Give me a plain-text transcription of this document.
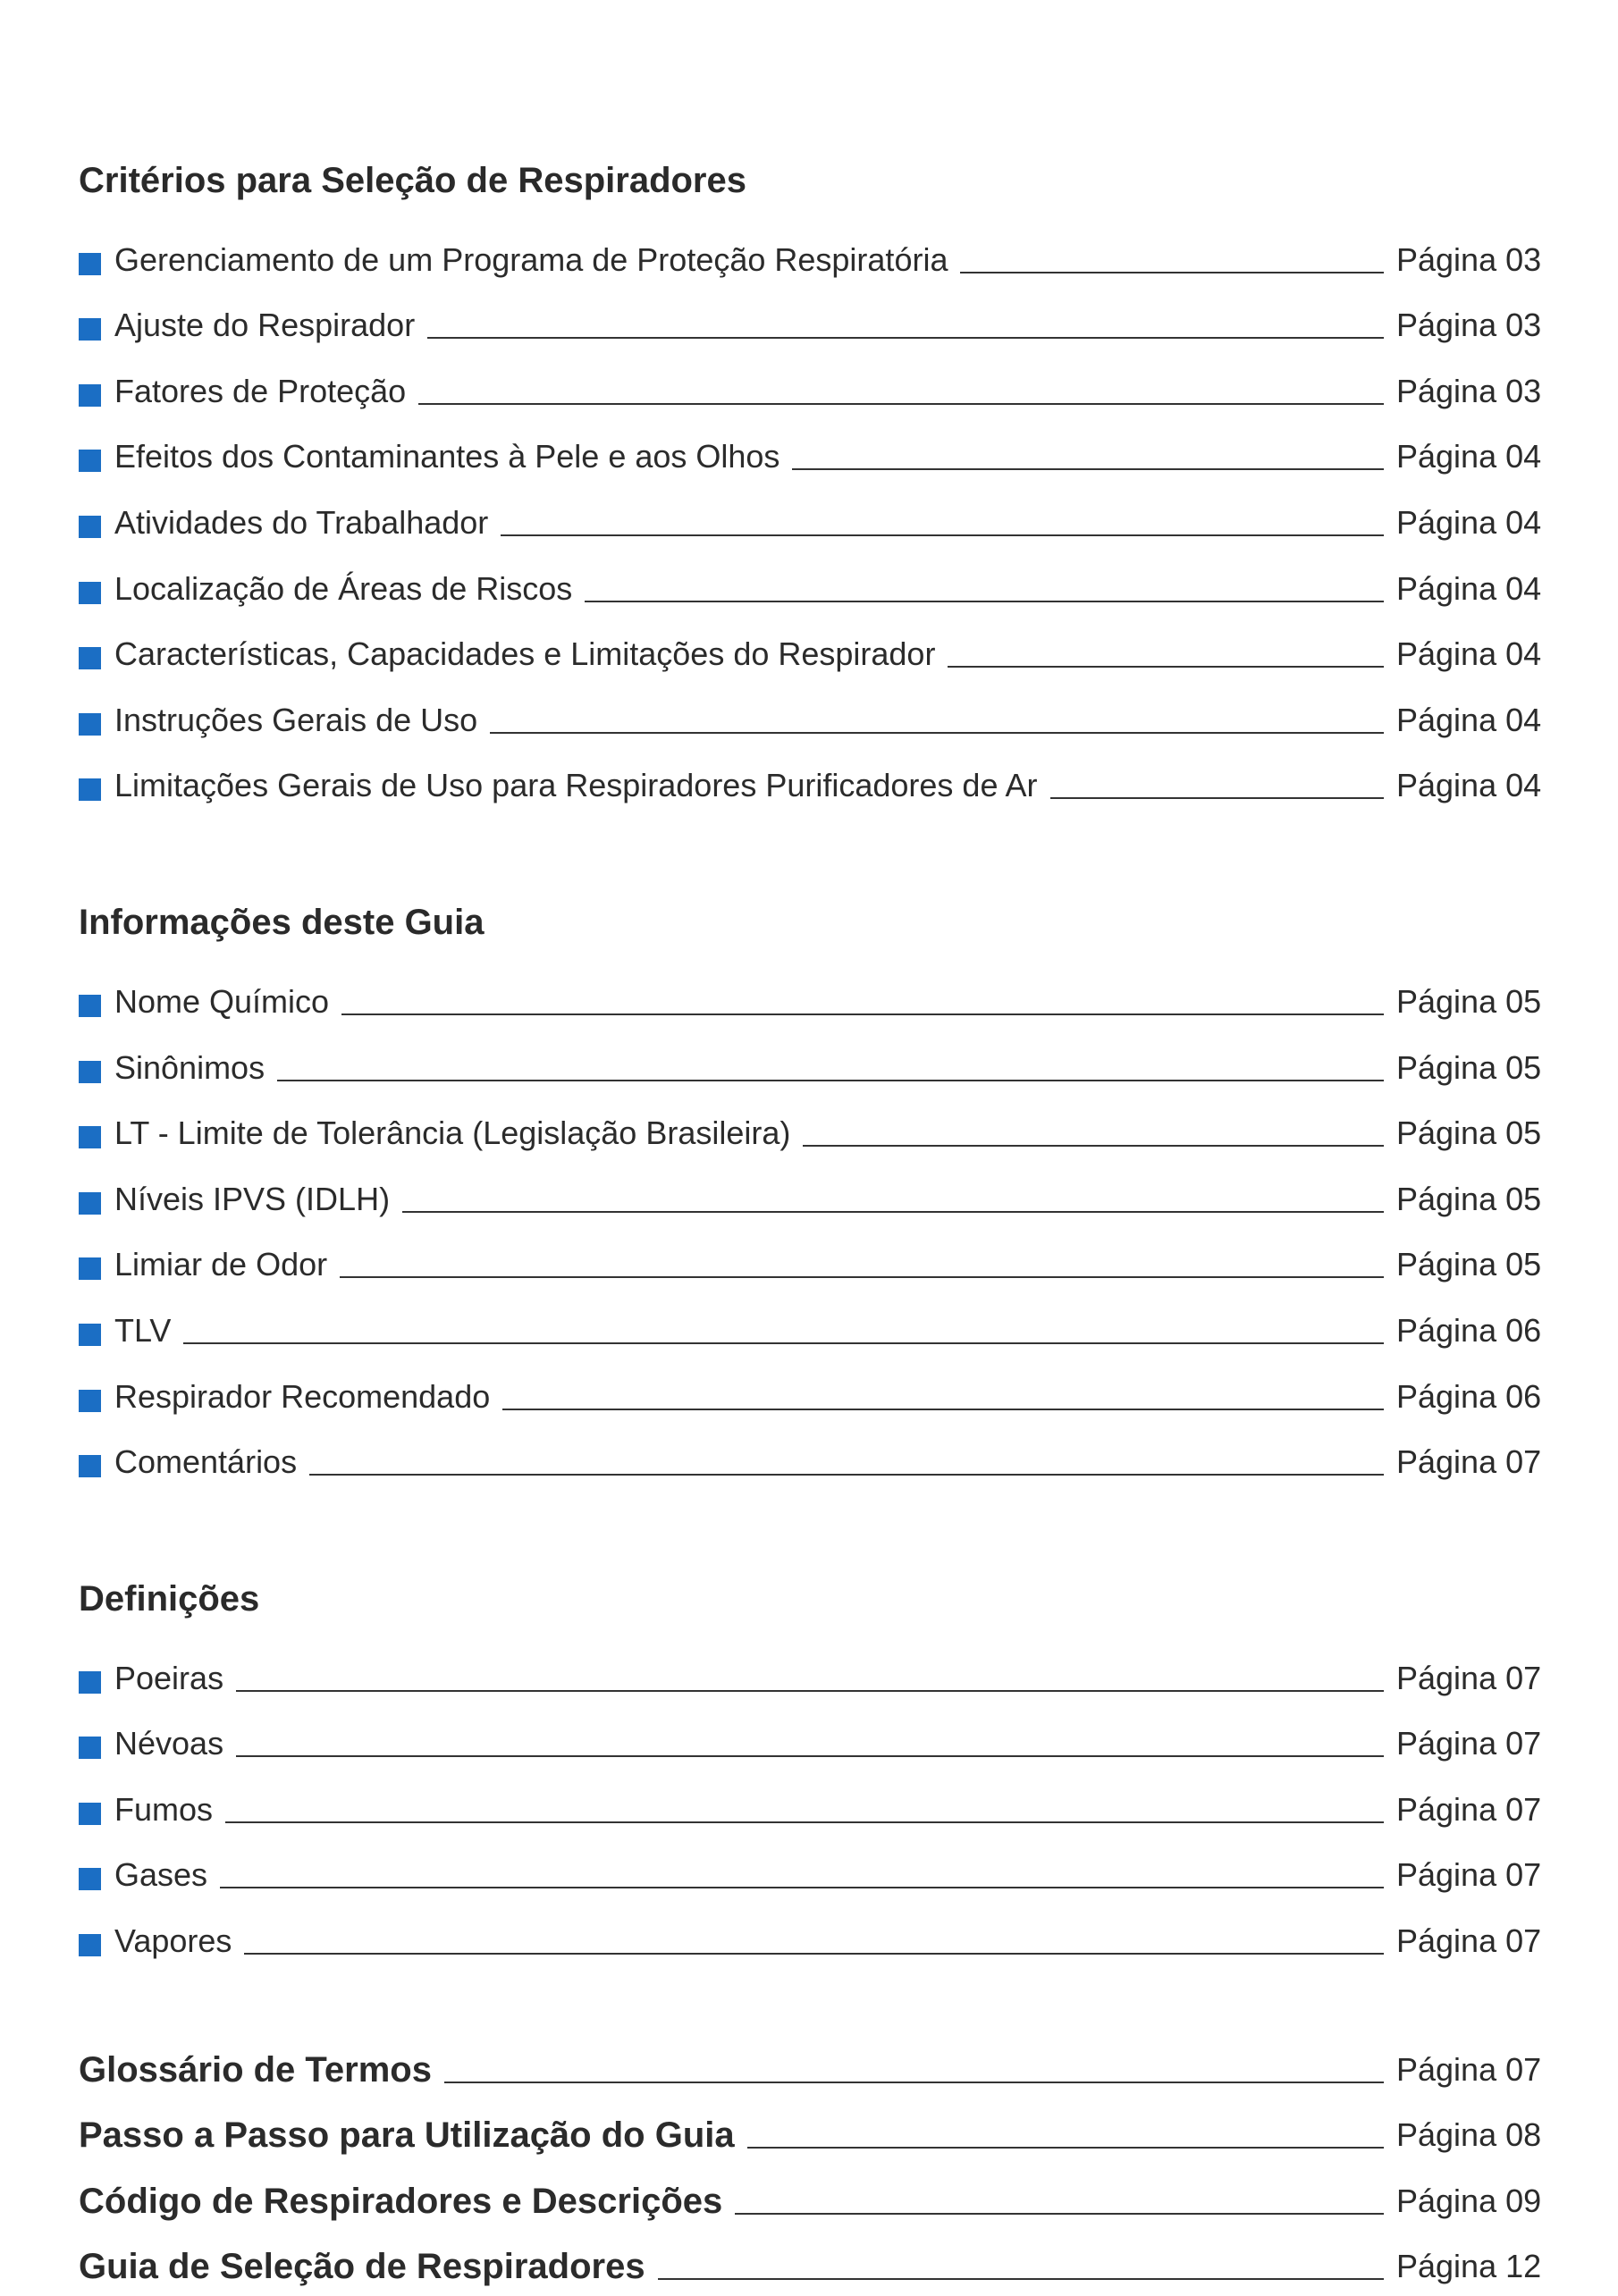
Critérios para Seleção de Respiradores
Gerenciamento de um Programa de Proteção Respiratória	Página 03
Ajuste do Respirador	Página 03
Fatores de Proteção	Página 03
Efeitos dos Contaminantes à Pele e aos Olhos	Página 04
Atividades do Trabalhador	Página 04
Localização de Áreas de Riscos	Página 04
Características, Capacidades e Limitações do Respirador	Página 04
Instruções Gerais de Uso	Página 04
Limitações Gerais de Uso para Respiradores Purificadores de Ar	Página 04
Informações deste Guia
Nome Químico	Página 05
Sinônimos	Página 05
LT - Limite de Tolerância (Legislação Brasileira)	Página 05
Níveis IPVS (IDLH)	Página 05
Limiar de Odor	Página 05
TLV	Página 06
Respirador Recomendado	Página 06
Comentários	Página 07
Definições
Poeiras	Página 07
Névoas	Página 07
Fumos	Página 07
Gases	Página 07
Vapores	Página 07
Glossário de Termos	Página 07
Passo a Passo para Utilização do Guia	Página 08
Código de Respiradores e Descrições	Página 09
Guia de Seleção de Respiradores	Página 12
